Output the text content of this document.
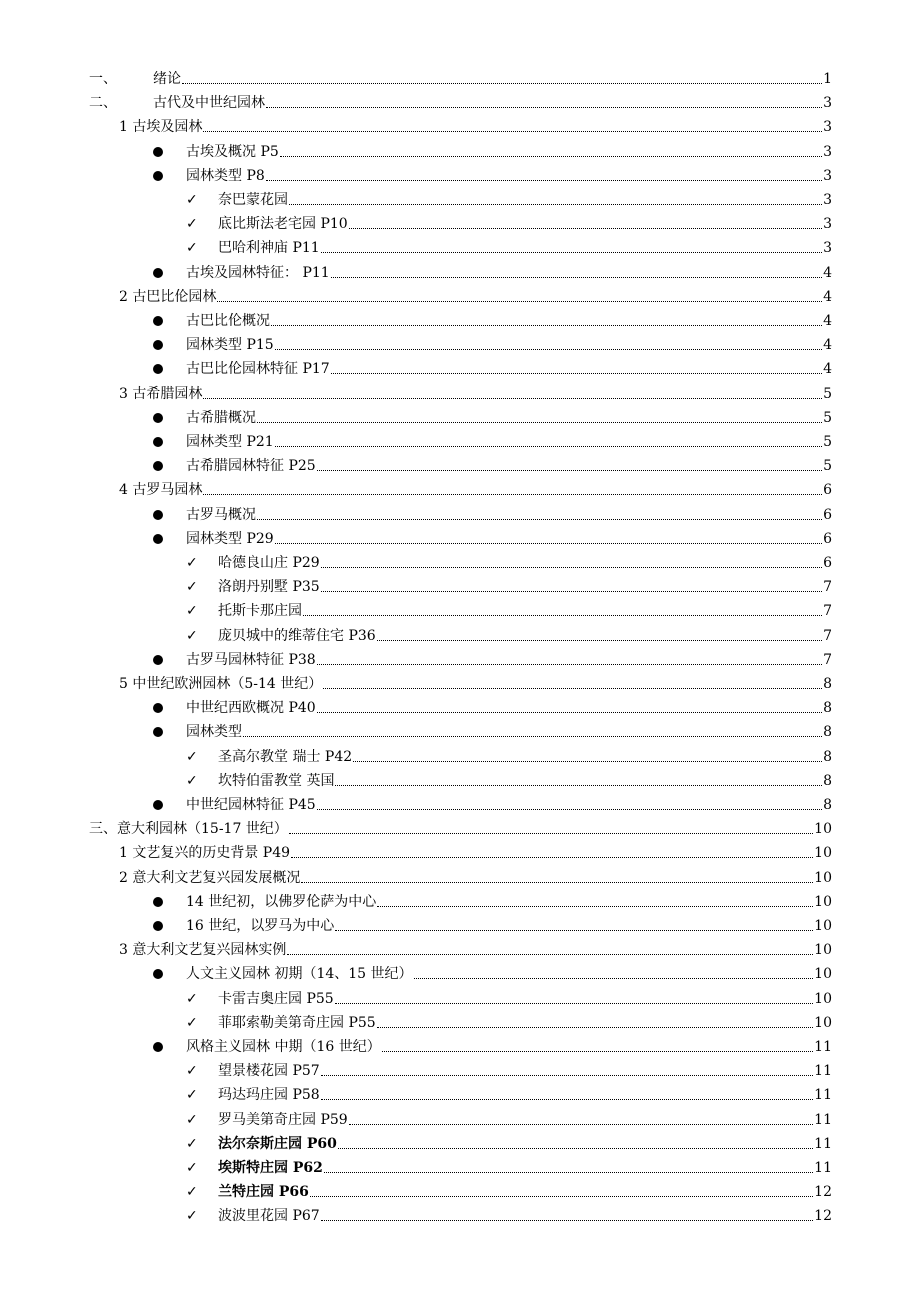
一、	绪论	1
二、	古代及中世纪园林	3
1 古埃及园林	3
古埃及概况 P5	3
园林类型 P8	3
✓ 奈巴蒙花园	3
✓ 底比斯法老宅园 P10	3
✓ 巴哈利神庙 P11	3
古埃及园林特征： P11	4
2 古巴比伦园林	4
古巴比伦概况	4
园林类型 P15	4
古巴比伦园林特征 P17	4
3 古希腊园林	5
古希腊概况	5
园林类型 P21	5
古希腊园林特征 P25	5
4 古罗马园林	6
古罗马概况	6
园林类型 P29	6
✓ 哈德良山庄 P29	6
✓ 洛朗丹别墅 P35	7
✓ 托斯卡那庄园	7
✓ 庞贝城中的维蒂住宅 P36	7
古罗马园林特征 P38	7
5 中世纪欧洲园林（5-14 世纪）	8
中世纪西欧概况 P40	8
园林类型	8
✓ 圣高尔教堂 瑞士 P42	8
✓ 坎特伯雷教堂 英国	8
中世纪园林特征 P45	8
三、意大利园林（15-17 世纪）	10
1 文艺复兴的历史背景 P49	10
2 意大利文艺复兴园发展概况	10
14 世纪初，以佛罗伦萨为中心	10
16 世纪，以罗马为中心	10
3 意大利文艺复兴园林实例	10
人文主义园林 初期（14、15 世纪）	10
✓ 卡雷吉奥庄园 P55	10
✓ 菲耶索勒美第奇庄园 P55	10
风格主义园林 中期（16 世纪）	11
✓ 望景楼花园 P57	11
✓ 玛达玛庄园 P58	11
✓ 罗马美第奇庄园 P59	11
✓ 法尔奈斯庄园 P60	11
✓ 埃斯特庄园 P62	11
✓ 兰特庄园 P66	12
✓ 波波里花园 P67	12
